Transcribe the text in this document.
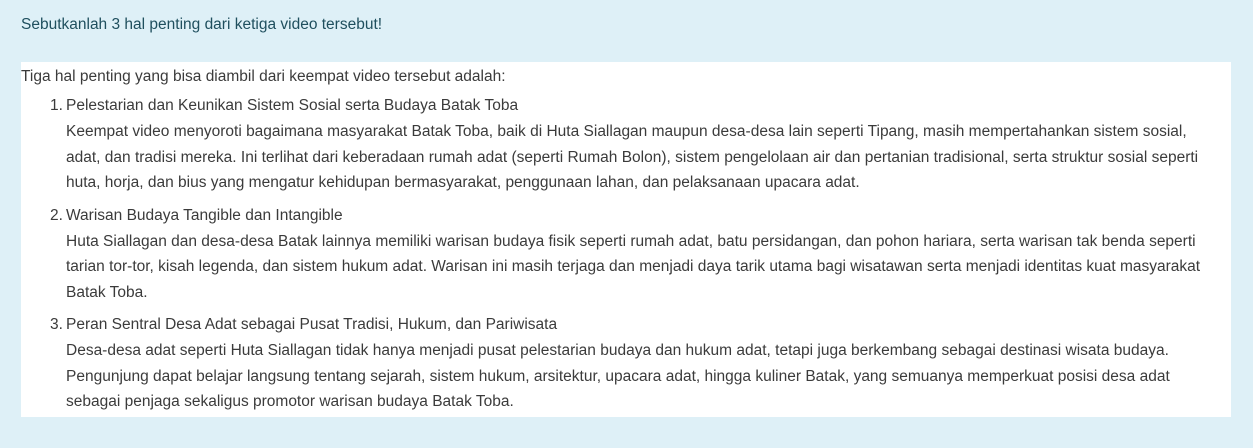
Sebutkanlah 3 hal penting dari ketiga video tersebut!

Tiga hal penting yang bisa diambil dari keempat video tersebut adalah:

1. Pelestarian dan Keunikan Sistem Sosial serta Budaya Batak Toba
Keempat video menyoroti bagaimana masyarakat Batak Toba, baik di Huta Siallagan maupun desa-desa lain seperti Tipang, masih mempertahankan sistem sosial, adat, dan tradisi mereka. Ini terlihat dari keberadaan rumah adat (seperti Rumah Bolon), sistem pengelolaan air dan pertanian tradisional, serta struktur sosial seperti huta, horja, dan bius yang mengatur kehidupan bermasyarakat, penggunaan lahan, dan pelaksanaan upacara adat.
2. Warisan Budaya Tangible dan Intangible
Huta Siallagan dan desa-desa Batak lainnya memiliki warisan budaya fisik seperti rumah adat, batu persidangan, dan pohon hariara, serta warisan tak benda seperti tarian tor-tor, kisah legenda, dan sistem hukum adat. Warisan ini masih terjaga dan menjadi daya tarik utama bagi wisatawan serta menjadi identitas kuat masyarakat Batak Toba.
3. Peran Sentral Desa Adat sebagai Pusat Tradisi, Hukum, dan Pariwisata
Desa-desa adat seperti Huta Siallagan tidak hanya menjadi pusat pelestarian budaya dan hukum adat, tetapi juga berkembang sebagai destinasi wisata budaya. Pengunjung dapat belajar langsung tentang sejarah, sistem hukum, arsitektur, upacara adat, hingga kuliner Batak, yang semuanya memperkuat posisi desa adat sebagai penjaga sekaligus promotor warisan budaya Batak Toba.
